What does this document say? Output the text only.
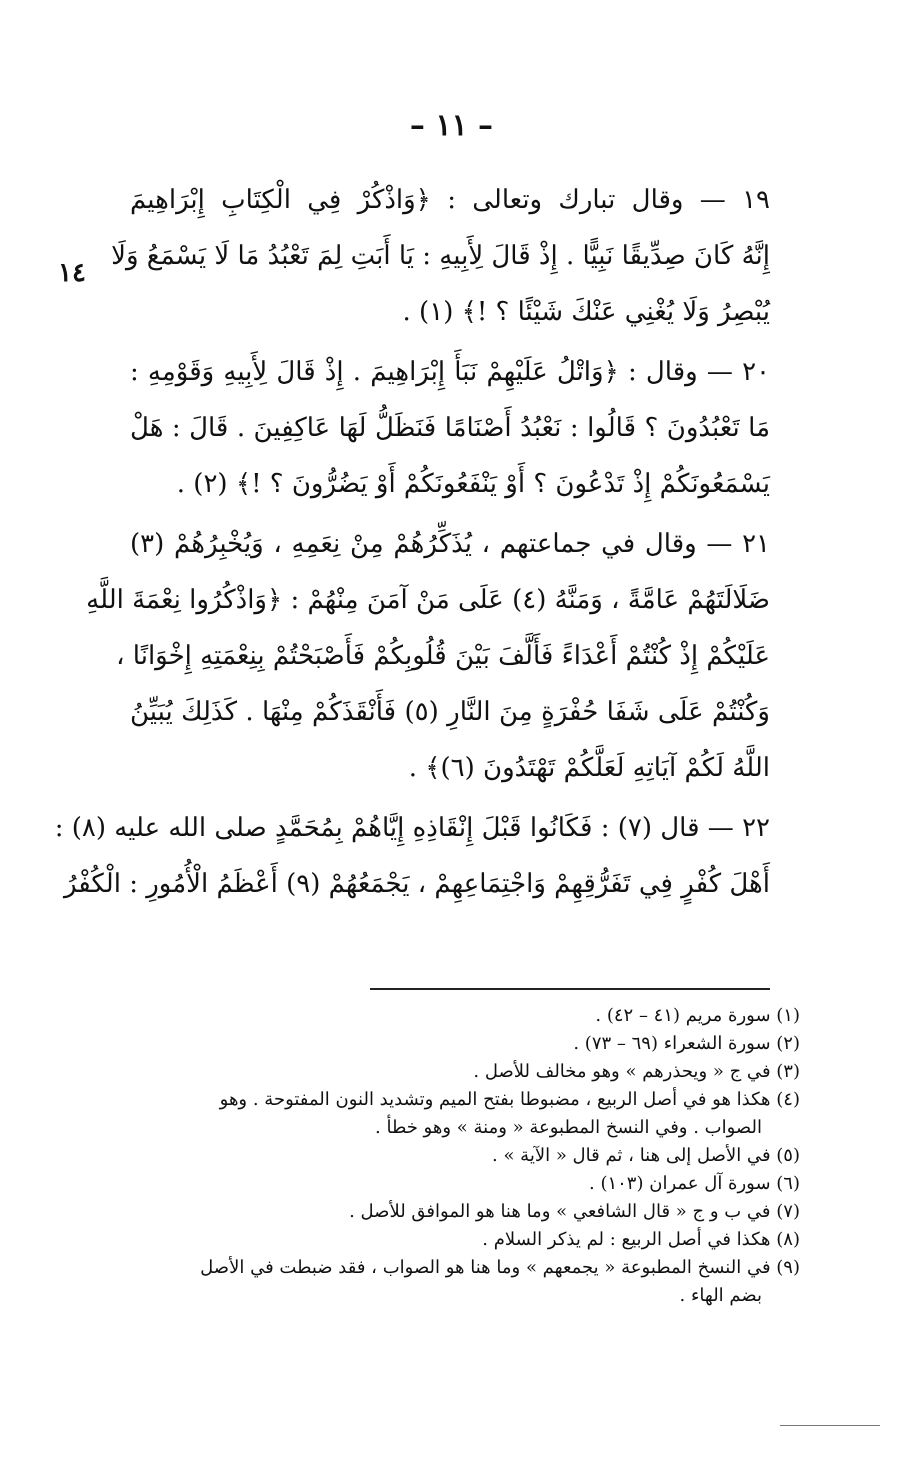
– ١١ –
١٤
١٩ — وقال تبارك وتعالى : ﴿وَاذْكُرْ فِي الْكِتَابِ إِبْرَاهِيمَ
إِنَّهُ كَانَ صِدِّيقًا نَبِيًّا . إِذْ قَالَ لِأَبِيهِ : يَا أَبَتِ لِمَ تَعْبُدُ مَا لَا يَسْمَعُ وَلَا
يُبْصِرُ وَلَا يُغْنِي عَنْكَ شَيْئًا ؟ !﴾ (١) .
٢٠ — وقال : ﴿وَاتْلُ عَلَيْهِمْ نَبَأَ إِبْرَاهِيمَ . إِذْ قَالَ لِأَبِيهِ وَقَوْمِهِ :
مَا تَعْبُدُونَ ؟ قَالُوا : نَعْبُدُ أَصْنَامًا فَنَظَلُّ لَهَا عَاكِفِينَ . قَالَ : هَلْ
يَسْمَعُونَكُمْ إِذْ تَدْعُونَ ؟ أَوْ يَنْفَعُونَكُمْ أَوْ يَضُرُّونَ ؟ !﴾ (٢) .
٢١ — وقال في جماعتهم ، يُذَكِّرُهُمْ مِنْ نِعَمِهِ ، وَيُخْبِرُهُمْ (٣)
ضَلَالَتَهُمْ عَامَّةً ، وَمَنَّهُ (٤) عَلَى مَنْ آمَنَ مِنْهُمْ : ﴿وَاذْكُرُوا نِعْمَةَ اللَّهِ
عَلَيْكُمْ إِذْ كُنْتُمْ أَعْدَاءً فَأَلَّفَ بَيْنَ قُلُوبِكُمْ فَأَصْبَحْتُمْ بِنِعْمَتِهِ إِخْوَانًا ،
وَكُنْتُمْ عَلَى شَفَا حُفْرَةٍ مِنَ النَّارِ (٥) فَأَنْقَذَكُمْ مِنْهَا . كَذَلِكَ يُبَيِّنُ
اللَّهُ لَكُمْ آيَاتِهِ لَعَلَّكُمْ تَهْتَدُونَ (٦)﴾ .
٢٢ — قال (٧) : فَكَانُوا قَبْلَ إِنْقَاذِهِ إِيَّاهُمْ بِمُحَمَّدٍ صلى الله عليه (٨) :
أَهْلَ كُفْرٍ فِي تَفَرُّقِهِمْ وَاجْتِمَاعِهِمْ ، يَجْمَعُهُمْ (٩) أَعْظَمُ الْأُمُورِ : الْكُفْرُ
(١) سورة مريم (٤١ – ٤٢) .
(٢) سورة الشعراء (٦٩ – ٧٣) .
(٣) في ج « ويحذرهم » وهو مخالف للأصل .
(٤) هكذا هو في أصل الربيع ، مضبوطا بفتح الميم وتشديد النون المفتوحة . وهو
الصواب . وفي النسخ المطبوعة « ومنة » وهو خطأ .
(٥) في الأصل إلى هنا ، ثم قال « الآية » .
(٦) سورة آل عمران (١٠٣) .
(٧) في ب و ج « قال الشافعي » وما هنا هو الموافق للأصل .
(٨) هكذا في أصل الربيع : لم يذكر السلام .
(٩) في النسخ المطبوعة « يجمعهم » وما هنا هو الصواب ، فقد ضبطت في الأصل
بضم الهاء .
